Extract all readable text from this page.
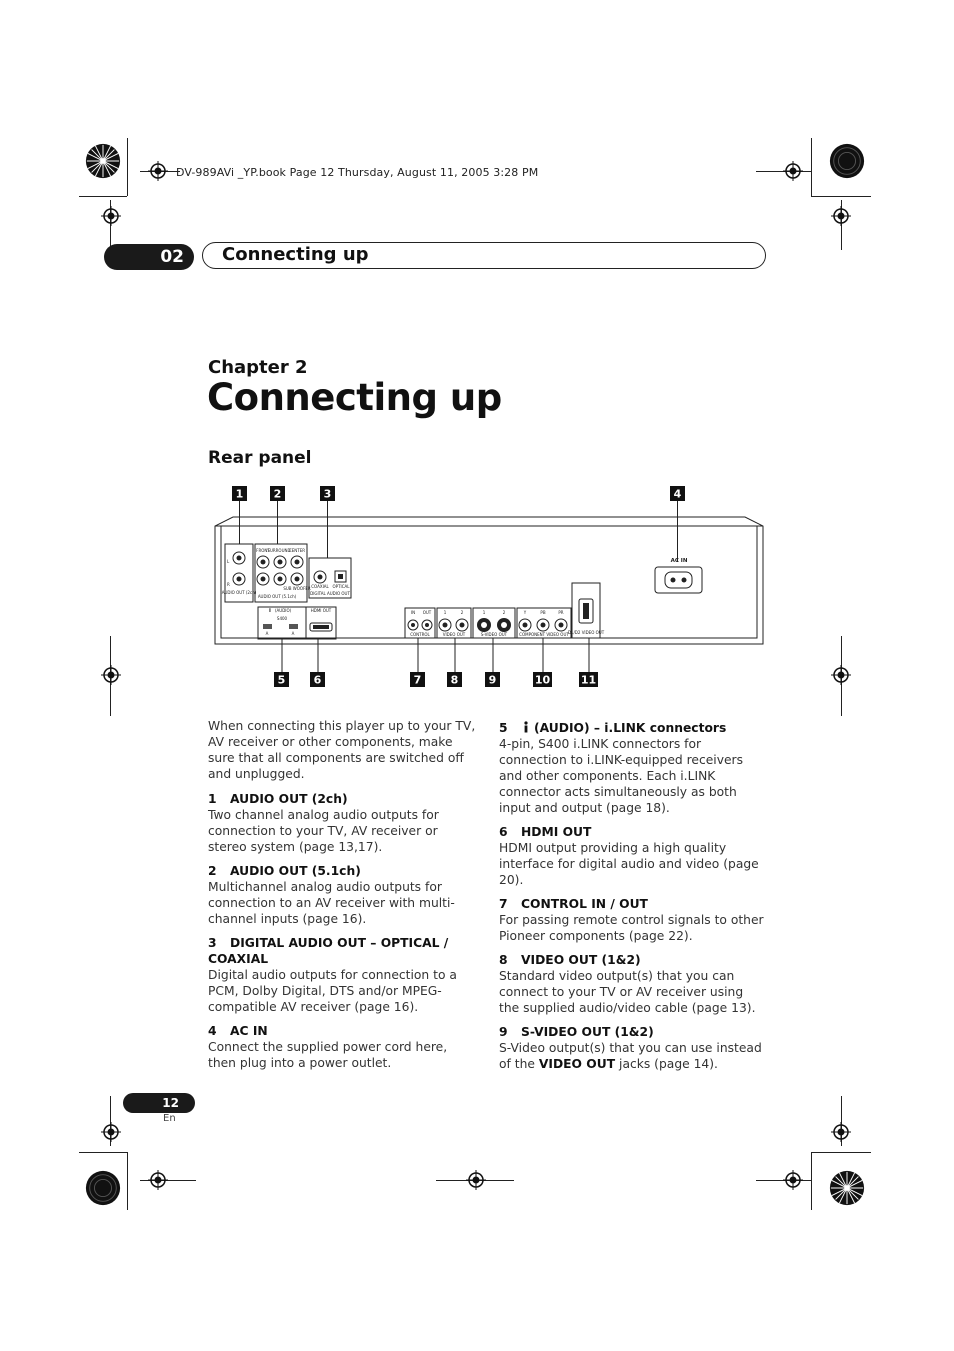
DV-989AVi _YP.book Page 12 Thursday, August 11, 2005 3:28 PM
02	Connecting up
Chapter 2
Connecting up
Rear panel
1	2	3	4
L
R
AUDIO OUT (2ch)
FRONT
SURROUND
CENTER
SUB WOOFER
AUDIO OUT (5.1ch)
COAXIAL OPTICAL
DIGITAL AUDIO OUT
(AUDIO)
i
S400
A	A
HDMI OUT	IN OUT
CONTROL
1	2
VIDEO OUT
1	2
S-VIDEO OUT
Y	PB	PR
COMPONENT VIDEO OUT D1/D2 VIDEO OUT
AC IN
5	6	7	8	9	10	11

When connecting this player up to your TV, AV receiver or other components, make sure that all components are switched off and unplugged.

1 AUDIO OUT (2ch)

Two channel analog audio outputs for connection to your TV, AV receiver or stereo system (page 13,17).

2 AUDIO OUT (5.1ch)

Multichannel analog audio outputs for connection to an AV receiver with multi-channel inputs (page 16).

3 DIGITAL AUDIO OUT – OPTICAL / COAXIAL

Digital audio outputs for connection to a PCM, Dolby Digital, DTS and/or MPEG-compatible AV receiver (page 16).

4 AC IN

Connect the supplied power cord here, then plug into a power outlet.

5 (AUDIO) – i.LINK connectors

4-pin, S400 i.LINK connectors for connection to i.LINK-equipped receivers and other components. Each i.LINK connector acts simultaneously as both input and output (page 18).

6 HDMI OUT

HDMI output providing a high quality interface for digital audio and video (page 20).

7 CONTROL IN / OUT

For passing remote control signals to other Pioneer components (page 22).

8 VIDEO OUT (1&2)

Standard video output(s) that you can connect to your TV or AV receiver using the supplied audio/video cable (page 13).

9 S-VIDEO OUT (1&2)

S-Video output(s) that you can use instead of the VIDEO OUT jacks (page 14).

12
En
